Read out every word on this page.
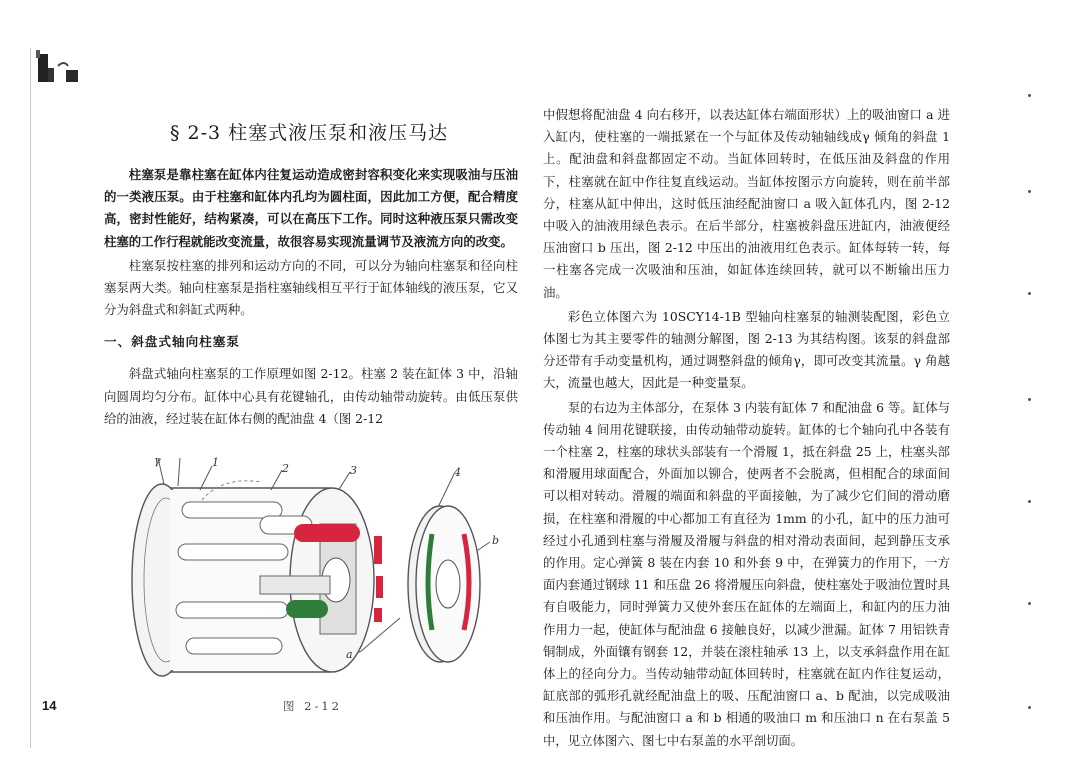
§ 2-3 柱塞式液压泵和液压马达

柱塞泵是靠柱塞在缸体内往复运动造成密封容积变化来实现吸油与压油的一类液压泵。由于柱塞和缸体内孔均为圆柱面，因此加工方便，配合精度高，密封性能好，结构紧凑，可以在高压下工作。同时这种液压泵只需改变柱塞的工作行程就能改变流量，故很容易实现流量调节及液流方向的改变。

柱塞泵按柱塞的排列和运动方向的不同，可以分为轴向柱塞泵和径向柱塞泵两大类。轴向柱塞泵是指柱塞轴线相互平行于缸体轴线的液压泵，它又分为斜盘式和斜缸式两种。

一、斜盘式轴向柱塞泵

斜盘式轴向柱塞泵的工作原理如图 2-12。柱塞 2 装在缸体 3 中，沿轴向圆周均匀分布。缸体中心具有花键轴孔，由传动轴带动旋转。由低压泵供给的油液，经过装在缸体右侧的配油盘 4（图 2-12

γ	1	2	3	4
b
a
图 2-12
14

中假想将配油盘 4 向右移开，以表达缸体右端面形状）上的吸油窗口 a 进入缸内，使柱塞的一端抵紧在一个与缸体及传动轴轴线成γ 倾角的斜盘 1 上。配油盘和斜盘都固定不动。当缸体回转时，在低压油及斜盘的作用下，柱塞就在缸中作往复直线运动。当缸体按图示方向旋转，则在前半部分，柱塞从缸中伸出，这时低压油经配油窗口 a 吸入缸体孔内，图 2-12 中吸入的油液用绿色表示。在后半部分，柱塞被斜盘压进缸内，油液便经压油窗口 b 压出，图 2-12 中压出的油液用红色表示。缸体每转一转，每一柱塞各完成一次吸油和压油，如缸体连续回转，就可以不断输出压力油。

彩色立体图六为 10SCY14-1B 型轴向柱塞泵的轴测装配图，彩色立体图七为其主要零件的轴测分解图，图 2-13 为其结构图。该泵的斜盘部分还带有手动变量机构，通过调整斜盘的倾角γ，即可改变其流量。γ 角越大，流量也越大，因此是一种变量泵。

泵的右边为主体部分，在泵体 3 内装有缸体 7 和配油盘 6 等。缸体与传动轴 4 间用花键联接，由传动轴带动旋转。缸体的七个轴向孔中各装有一个柱塞 2，柱塞的球状头部装有一个滑履 1，抵在斜盘 25 上，柱塞头部和滑履用球面配合，外面加以铆合，使两者不会脱离，但相配合的球面间可以相对转动。滑履的端面和斜盘的平面接触，为了减少它们间的滑动磨损，在柱塞和滑履的中心都加工有直径为 1mm 的小孔，缸中的压力油可经过小孔通到柱塞与滑履及滑履与斜盘的相对滑动表面间，起到静压支承的作用。定心弹簧 8 装在内套 10 和外套 9 中，在弹簧力的作用下，一方面内套通过钢球 11 和压盘 26 将滑履压向斜盘，使柱塞处于吸油位置时具有自吸能力，同时弹簧力又使外套压在缸体的左端面上，和缸内的压力油作用力一起，使缸体与配油盘 6 接触良好，以减少泄漏。缸体 7 用铝铁青铜制成，外面镶有钢套 12，并装在滚柱轴承 13 上，以支承斜盘作用在缸体上的径向分力。当传动轴带动缸体回转时，柱塞就在缸内作往复运动，缸底部的弧形孔就经配油盘上的吸、压配油窗口 a、b 配油，以完成吸油和压油作用。与配油窗口 a 和 b 相通的吸油口 m 和压油口 n 在右泵盖 5 中，见立体图六、图七中右泵盖的水平剖切面。
